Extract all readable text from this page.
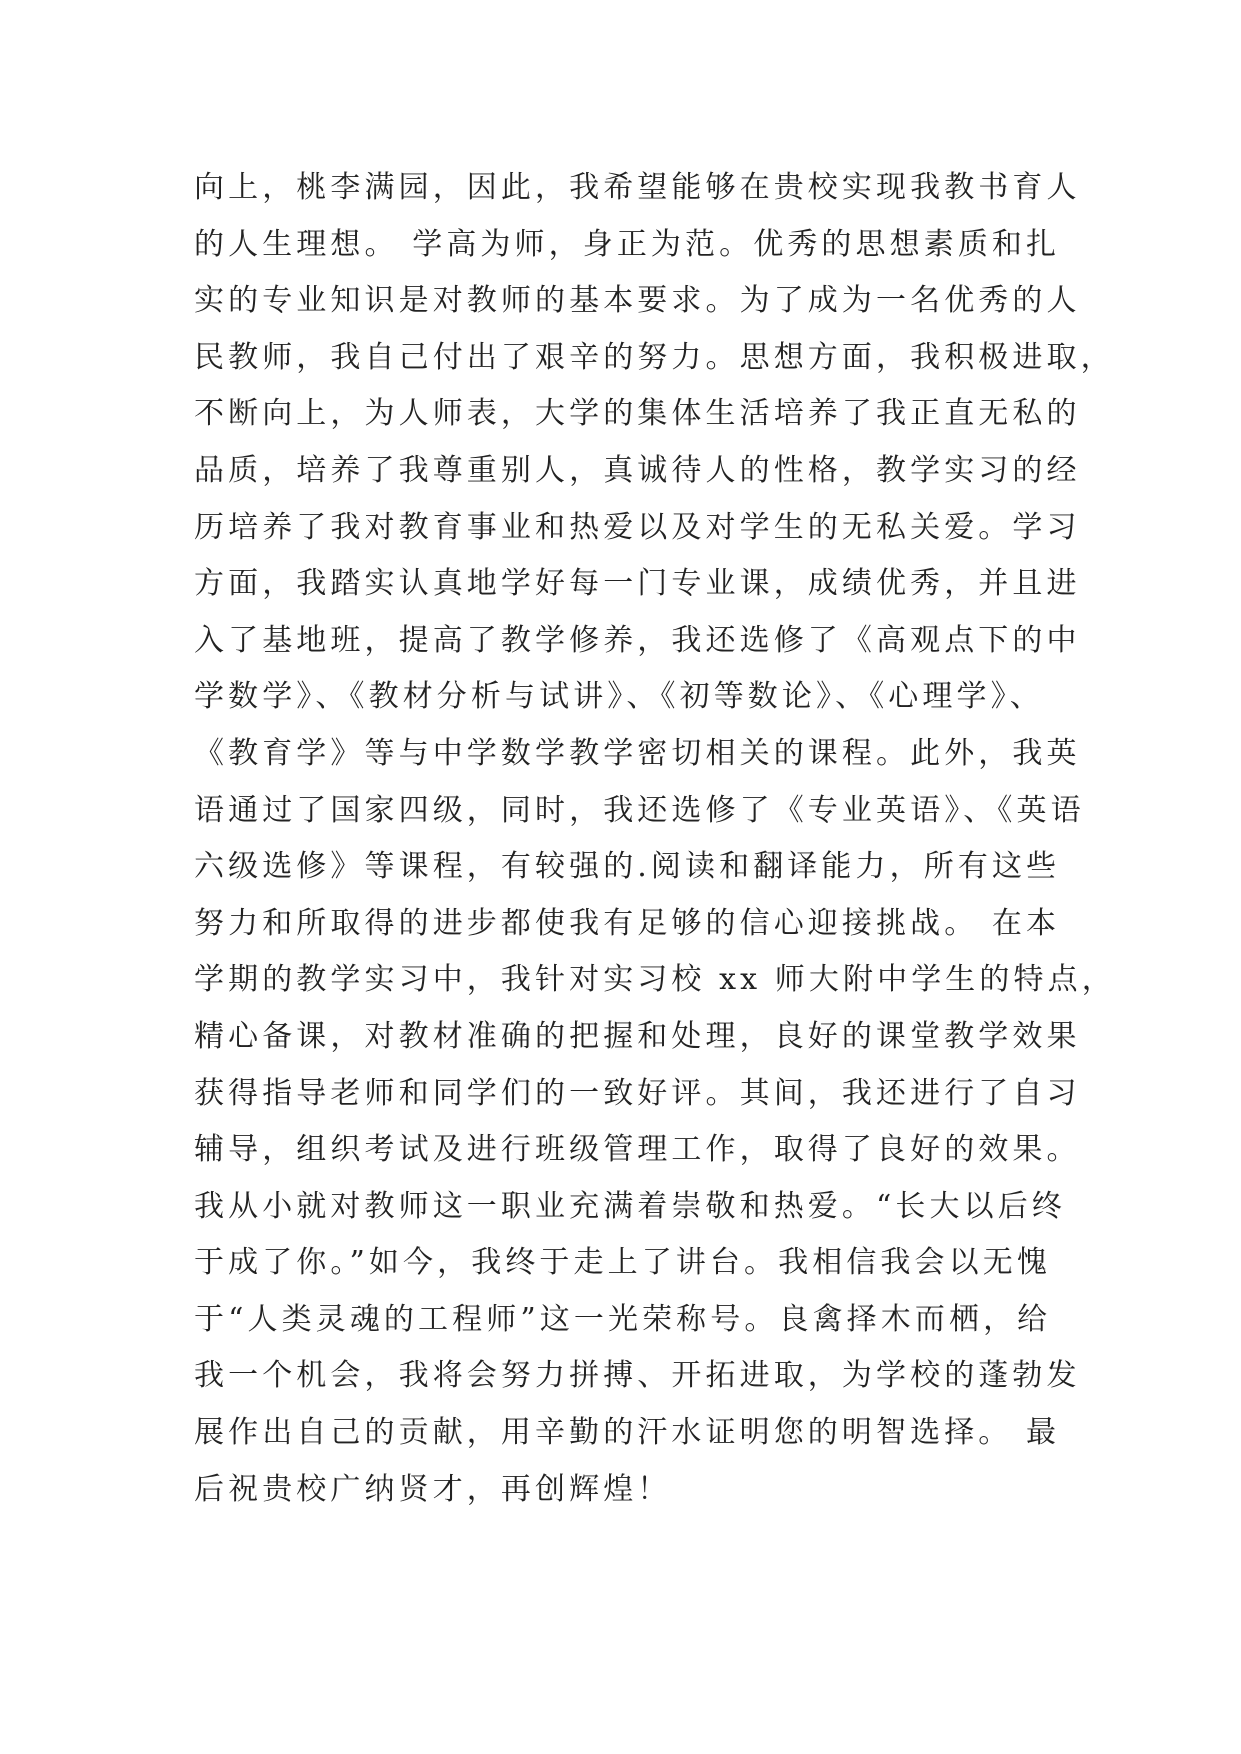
向上，桃李满园，因此，我希望能够在贵校实现我教书育人
的人生理想。 学高为师，身正为范。优秀的思想素质和扎
实的专业知识是对教师的基本要求。为了成为一名优秀的人
民教师，我自己付出了艰辛的努力。思想方面，我积极进取，
不断向上，为人师表，大学的集体生活培养了我正直无私的
品质，培养了我尊重别人，真诚待人的性格，教学实习的经
历培养了我对教育事业和热爱以及对学生的无私关爱。学习
方面，我踏实认真地学好每一门专业课，成绩优秀，并且进
入了基地班，提高了教学修养，我还选修了《高观点下的中
学数学》、《教材分析与试讲》、《初等数论》、《心理学》、
《教育学》等与中学数学教学密切相关的课程。此外，我英
语通过了国家四级，同时，我还选修了《专业英语》、《英语
六级选修》等课程，有较强的.阅读和翻译能力，所有这些
努力和所取得的进步都使我有足够的信心迎接挑战。 在本
学期的教学实习中，我针对实习校 xx 师大附中学生的特点，
精心备课，对教材准确的把握和处理，良好的课堂教学效果
获得指导老师和同学们的一致好评。其间，我还进行了自习
辅导，组织考试及进行班级管理工作，取得了良好的效果。
我从小就对教师这一职业充满着崇敬和热爱。“长大以后终
于成了你。”如今，我终于走上了讲台。我相信我会以无愧
于“人类灵魂的工程师”这一光荣称号。良禽择木而栖，给
我一个机会，我将会努力拼搏、开拓进取，为学校的蓬勃发
展作出自己的贡献，用辛勤的汗水证明您的明智选择。 最
后祝贵校广纳贤才，再创辉煌！
